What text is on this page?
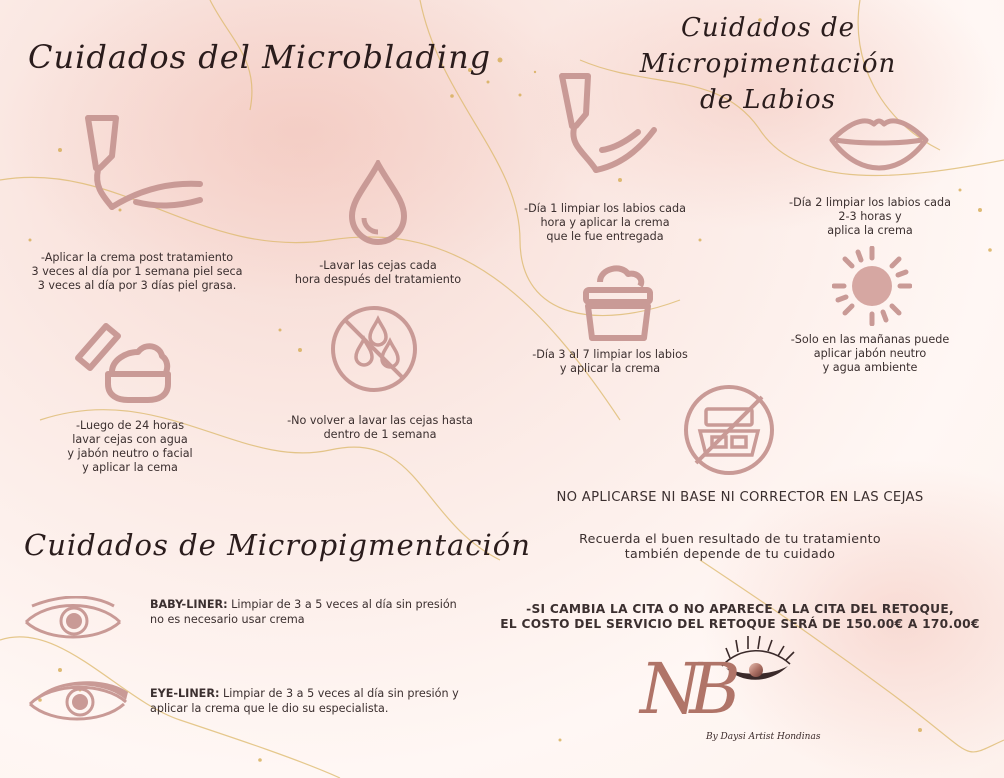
Cuidados del Microblading
Cuidados de Micropimentación
de Labios
Cuidados de Micropigmentación
-Aplicar la crema post tratamiento
3 veces al día por 1 semana piel seca
3 veces al día por 3 días piel grasa.
-Lavar las cejas cada
hora después del tratamiento
-Luego de 24 horas
lavar cejas con agua
y jabón neutro o facial
y aplicar la cema
-No volver a lavar las cejas hasta
dentro de 1 semana
-Día 1 limpiar los labios cada
hora y aplicar la crema
que le fue entregada
-Día 2 limpiar los labios cada
2-3 horas y
aplica la crema
-Día 3 al 7 limpiar los labios
y aplicar la crema
-Solo en las mañanas puede
aplicar jabón neutro
y agua ambiente
NO APLICARSE NI BASE NI CORRECTOR EN LAS CEJAS
Recuerda el buen resultado de tu tratamiento
también depende de tu cuidado
-SI CAMBIA LA CITA O NO APARECE A LA CITA DEL RETOQUE,
EL COSTO DEL SERVICIO DEL RETOQUE SERÁ DE 150.00€ A 170.00€
BABY-LINER: Limpiar de 3 a 5 veces al día sin presión
no es necesario usar crema
EYE-LINER: Limpiar de 3 a 5 veces al día sin presión y
aplicar la crema que le dio su especialista.	NB
By Daysi Artist Hondinas
